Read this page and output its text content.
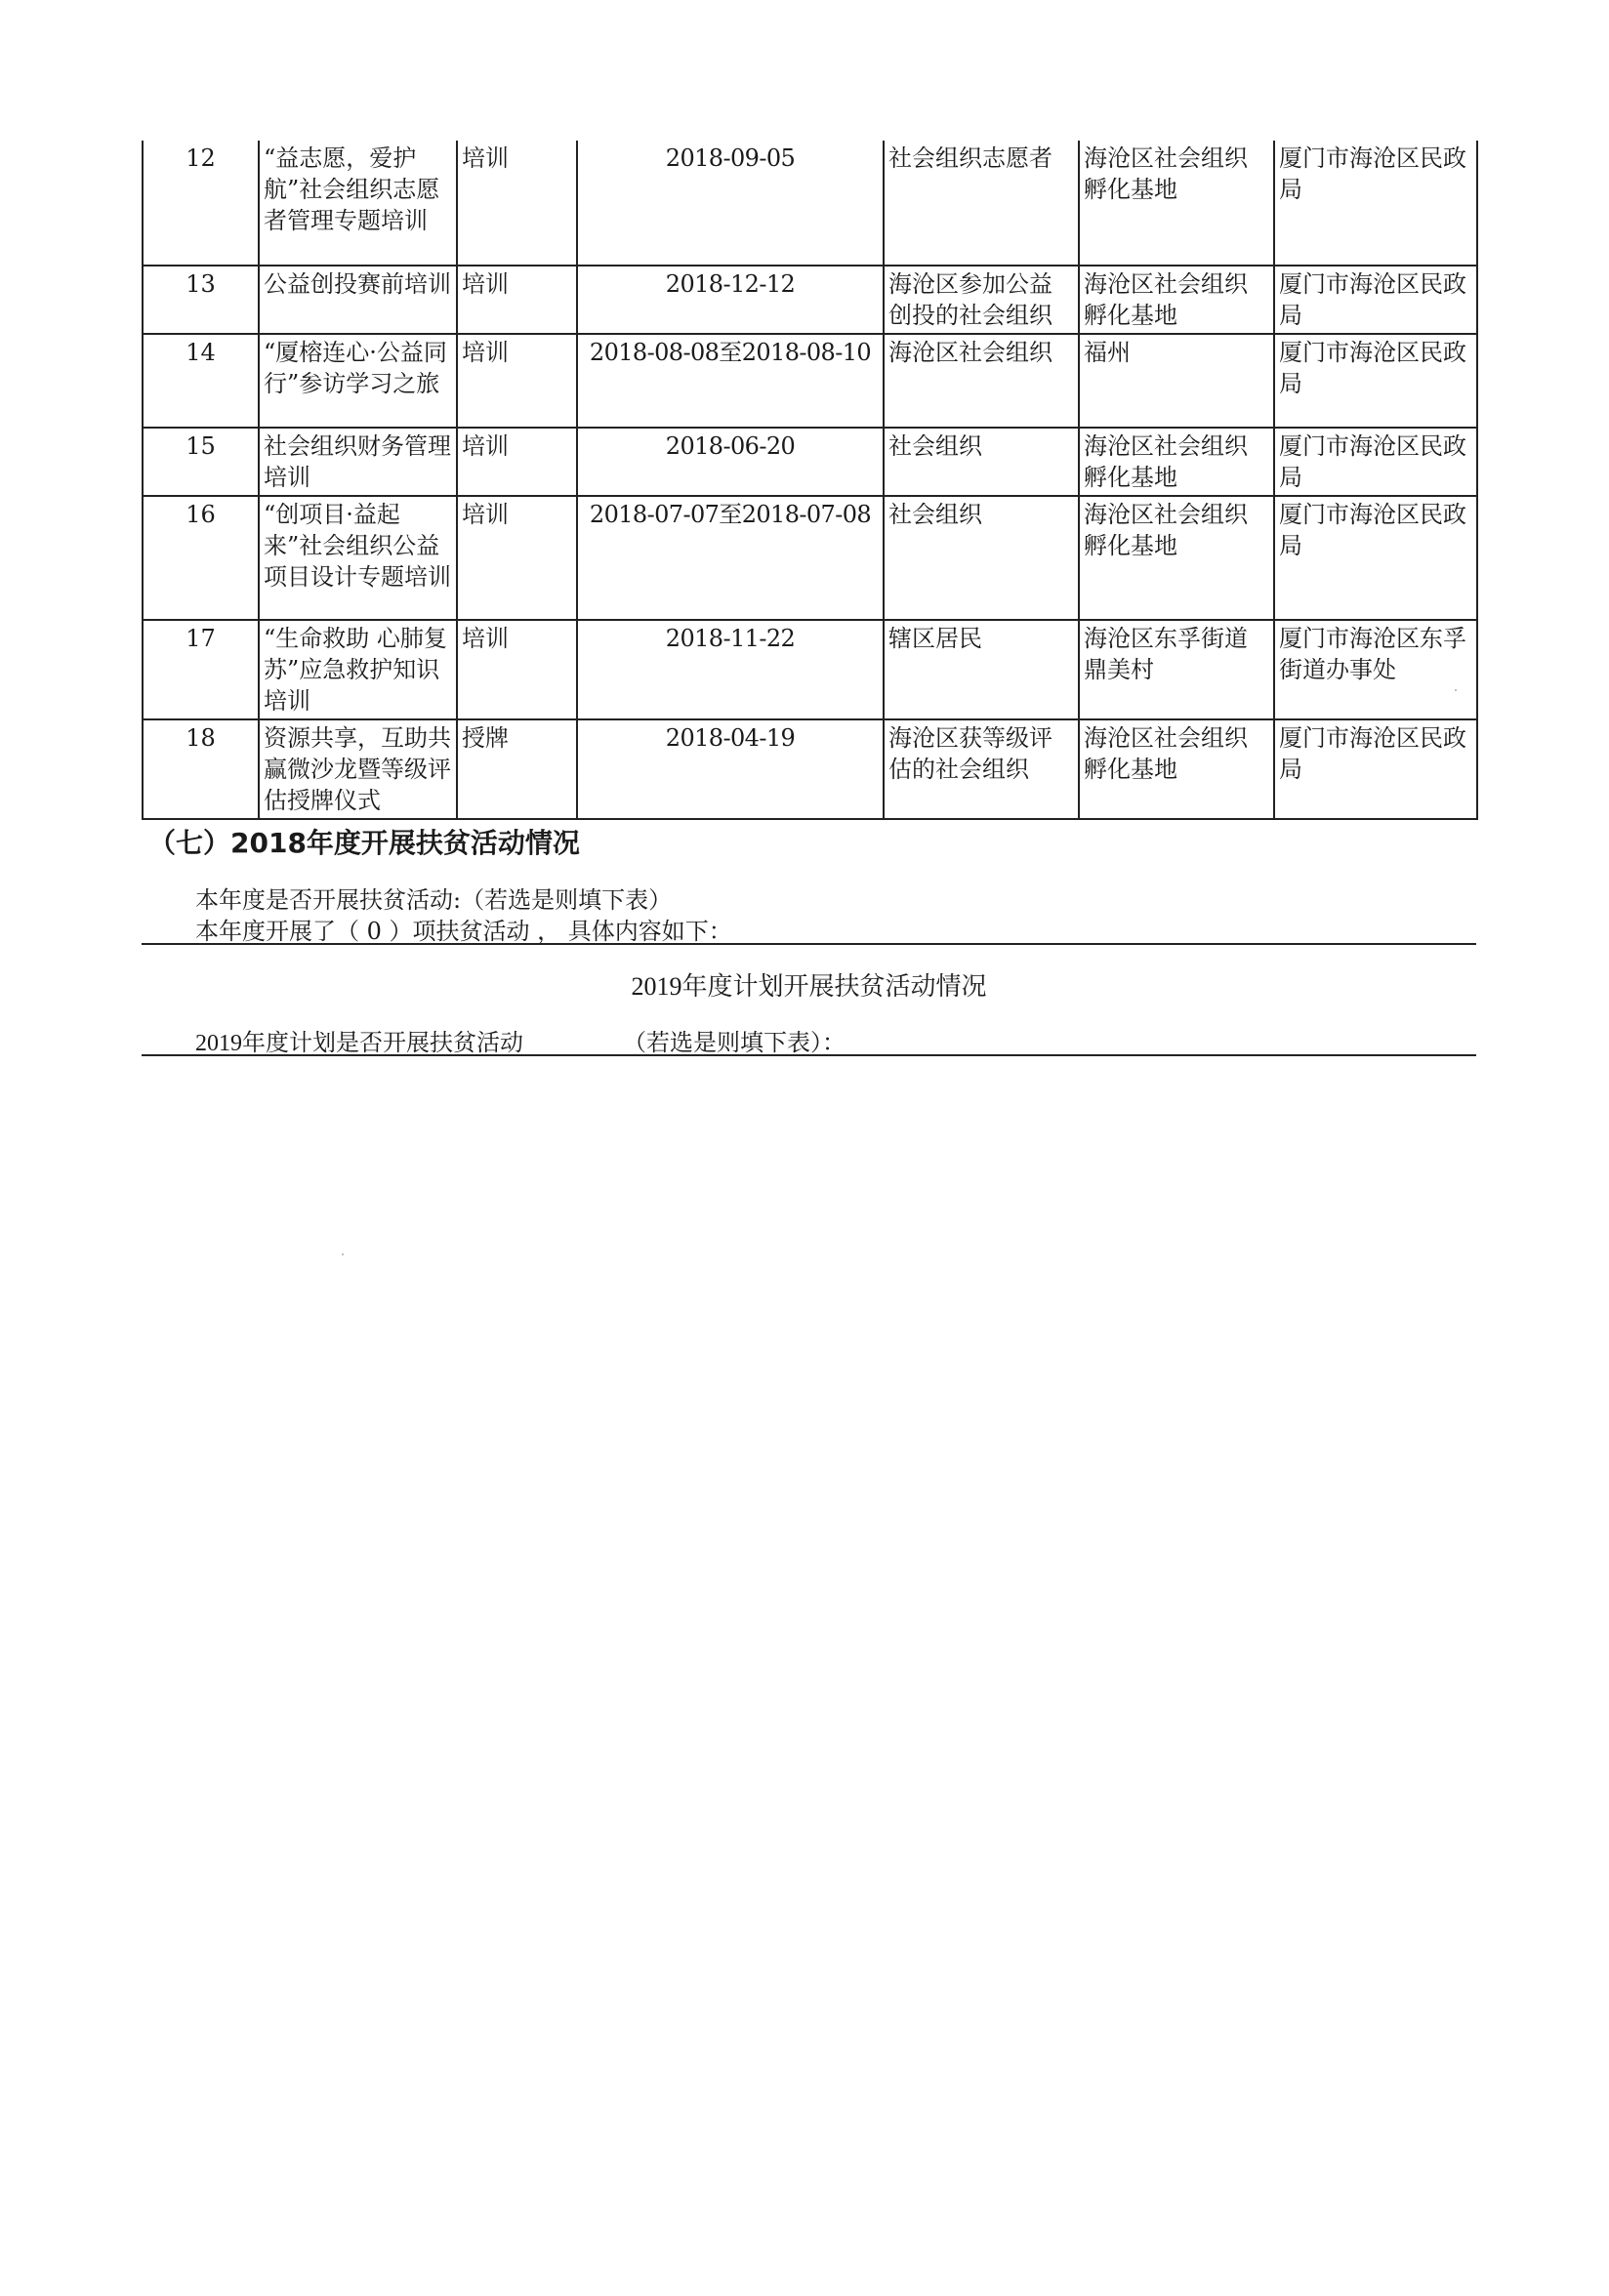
12	“益志愿，爱护航”社会组织志愿者管理专题培训	培训	2018-09-05	社会组织志愿者	海沧区社会组织孵化基地	厦门市海沧区民政局
13	公益创投赛前培训	培训	2018-12-12	海沧区参加公益创投的社会组织	海沧区社会组织孵化基地	厦门市海沧区民政局
14	“厦榕连心·公益同行”参访学习之旅	培训	2018-08-08至2018-08-10	海沧区社会组织	福州	厦门市海沧区民政局
15	社会组织财务管理培训	培训	2018-06-20	社会组织	海沧区社会组织孵化基地	厦门市海沧区民政局
16	“创项目·益起来”社会组织公益项目设计专题培训	培训	2018-07-07至2018-07-08	社会组织	海沧区社会组织孵化基地	厦门市海沧区民政局
17	“生命救助 心肺复苏”应急救护知识培训	培训	2018-11-22	辖区居民	海沧区东孚街道鼎美村	厦门市海沧区东孚街道办事处
18	资源共享，互助共赢微沙龙暨等级评估授牌仪式	授牌	2018-04-19	海沧区获等级评估的社会组织	海沧区社会组织孵化基地	厦门市海沧区民政局
（七）2018年度开展扶贫活动情况
本年度是否开展扶贫活动:（若选是则填下表）
本年度开展了（ 0 ）项扶贫活动 ， 具体内容如下：
2019年度计划开展扶贫活动情况
2019年度计划是否开展扶贫活动	（若选是则填下表）：
